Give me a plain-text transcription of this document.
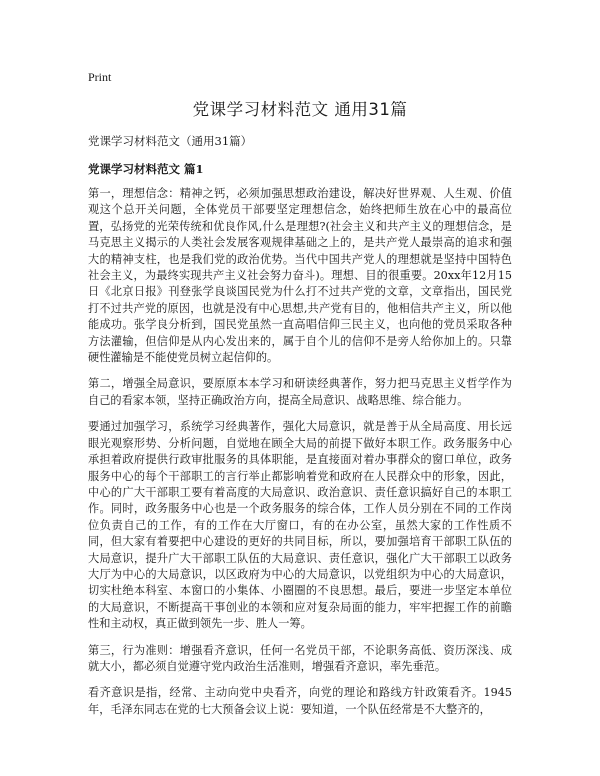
Print
党课学习材料范文 通用31篇

党课学习材料范文（通用31篇）

党课学习材料范文 篇1

第一，理想信念：精神之钙，必须加强思想政治建设，解决好世界观、人生观、价值观这个总开关问题，全体党员干部要坚定理想信念，始终把师生放在心中的最高位置，弘扬党的光荣传统和优良作风,什么是理想?(社会主义和共产主义的理想信念，是马克思主义揭示的人类社会发展客观规律基础之上的，是共产党人最崇高的追求和强大的精神支柱，也是我们党的政治优势。当代中国共产党人的理想就是坚持中国特色社会主义，为最终实现共产主义社会努力奋斗)。理想、目的很重要。20xx年12月15日《北京日报》刊登张学良谈国民党为什么打不过共产党的文章，文章指出，国民党打不过共产党的原因，也就是没有中心思想,共产党有目的，他相信共产主义，所以他能成功。张学良分析到，国民党虽然一直高唱信仰三民主义，也向他的党员采取各种方法灌输，但信仰是从内心发出来的，属于自个儿的信仰不是旁人给你加上的。只靠硬性灌输是不能使党员树立起信仰的。

第二，增强全局意识，要原原本本学习和研读经典著作，努力把马克思主义哲学作为自己的看家本领，坚持正确政治方向，提高全局意识、战略思维、综合能力。

要通过加强学习，系统学习经典著作，强化大局意识，就是善于从全局高度、用长远眼光观察形势、分析问题，自觉地在顾全大局的前提下做好本职工作。政务服务中心承担着政府提供行政审批服务的具体职能，是直接面对着办事群众的窗口单位，政务服务中心的每个干部职工的言行举止都影响着党和政府在人民群众中的形象，因此，中心的广大干部职工要有着高度的大局意识、政治意识、责任意识搞好自己的本职工作。同时，政务服务中心也是一个政务服务的综合体，工作人员分别在不同的工作岗位负责自己的工作，有的工作在大厅窗口，有的在办公室，虽然大家的工作性质不同，但大家有着要把中心建设的更好的共同目标，所以，要加强培育干部职工队伍的大局意识，提升广大干部职工队伍的大局意识、责任意识，强化广大干部职工以政务大厅为中心的大局意识，以区政府为中心的大局意识，以党组织为中心的大局意识，切实杜绝本科室、本窗口的小集体、小圈圈的不良思想。最后，要进一步坚定本单位的大局意识，不断提高干事创业的本领和应对复杂局面的能力，牢牢把握工作的前瞻性和主动权，真正做到领先一步、胜人一筹。

第三，行为准则：增强看齐意识，任何一名党员干部，不论职务高低、资历深浅、成就大小，都必须自觉遵守党内政治生活准则，增强看齐意识，率先垂范。

看齐意识是指，经常、主动向党中央看齐，向党的理论和路线方针政策看齐。1945年，毛泽东同志在党的七大预备会议上说：要知道，一个队伍经常是不大整齐的，
